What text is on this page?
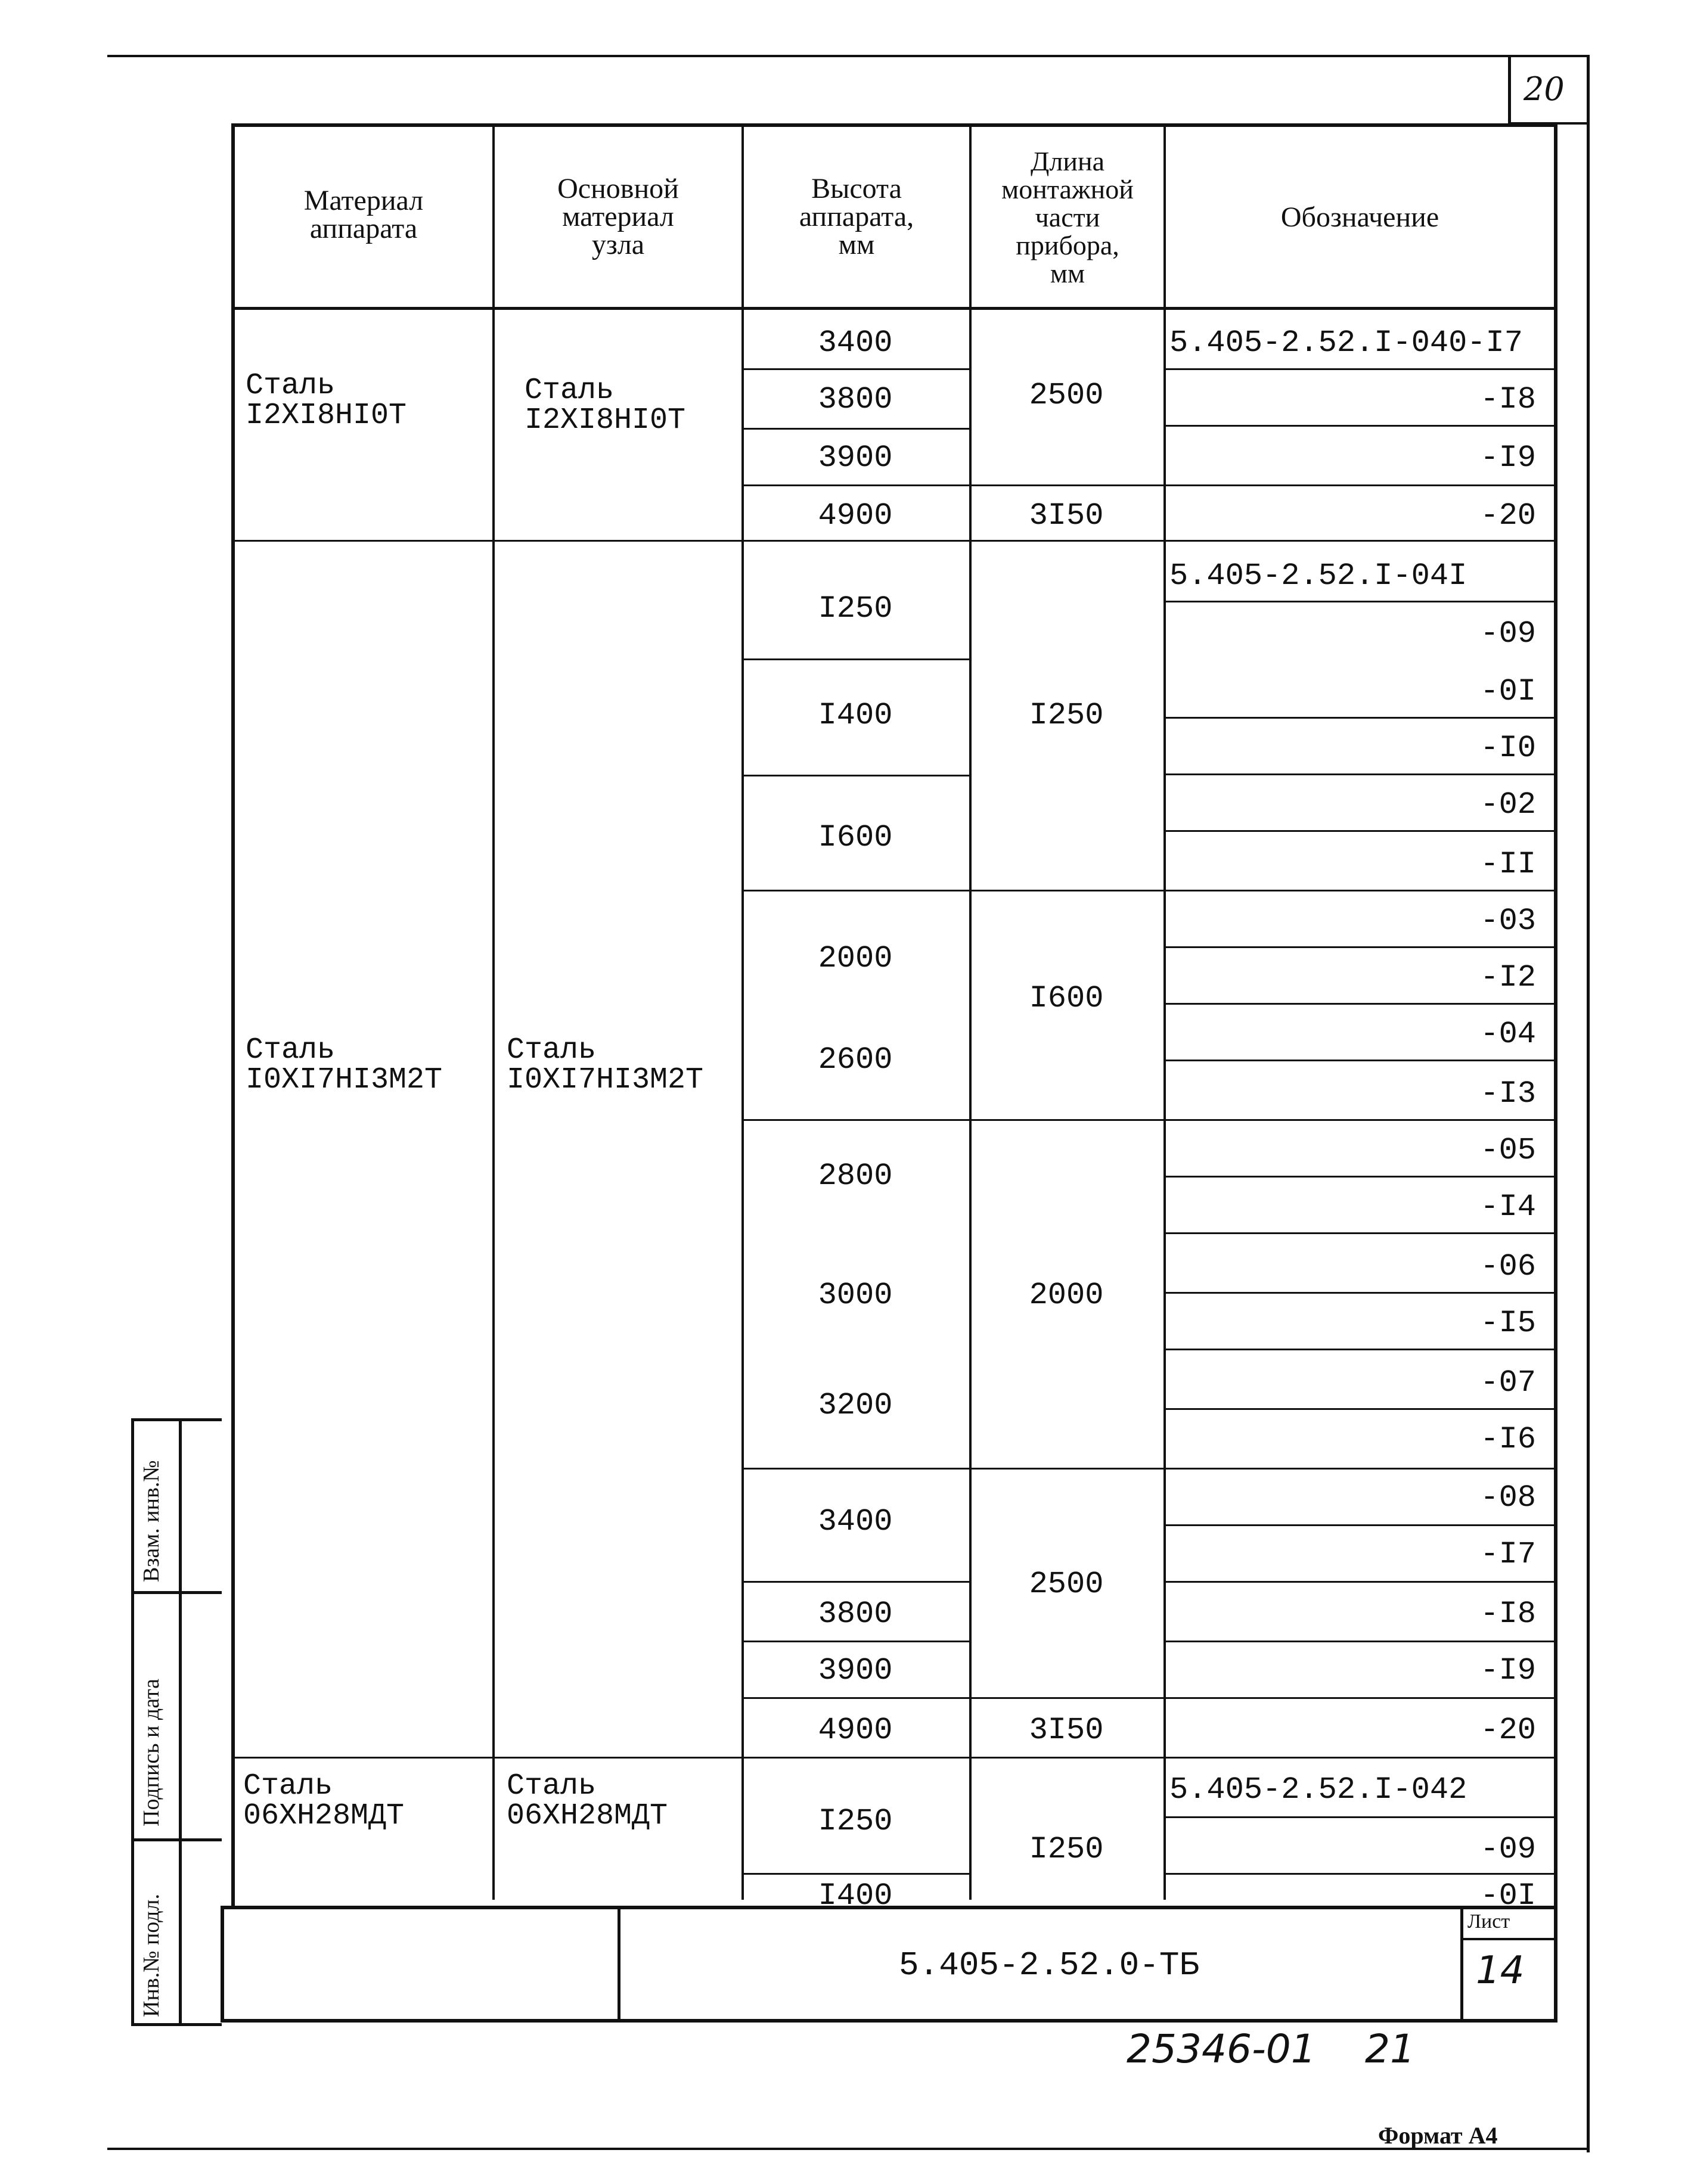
20
Инв.№ подл.
Подпись и дата
Взам. инв.№
Материал
аппарата
Основной
материал
узла
Высота
аппарата,
мм
Длина
монтажной
части
прибора,
мм
Обозначение
Сталь
I2XI8HI0T
Сталь
I2XI8HI0T
Сталь
I0XI7HI3M2T
Сталь
I0XI7HI3M2T
Сталь
06XH28MДТ
Сталь
06XH28MДТ
3400
3800
3900
4900
I250
I400
I600
2000
2600
2800
3000
3200
3400
3800
3900
4900
I250
I400
2500
3I50
I250
I600
2000
2500
3I50
I250
5.405-2.52.I-040-I7
-I8
-I9
-20
5.405-2.52.I-04I
-09
-0I
-I0
-02
-II
-03
-I2
-04
-I3
-05
-I4
-06
-I5
-07
-I6
-08
-I7
-I8
-I9
-20
5.405-2.52.I-042
-09
-0I
5.405-2.52.0-ТБ
Лист
14
25346-01 21
Формат А4
